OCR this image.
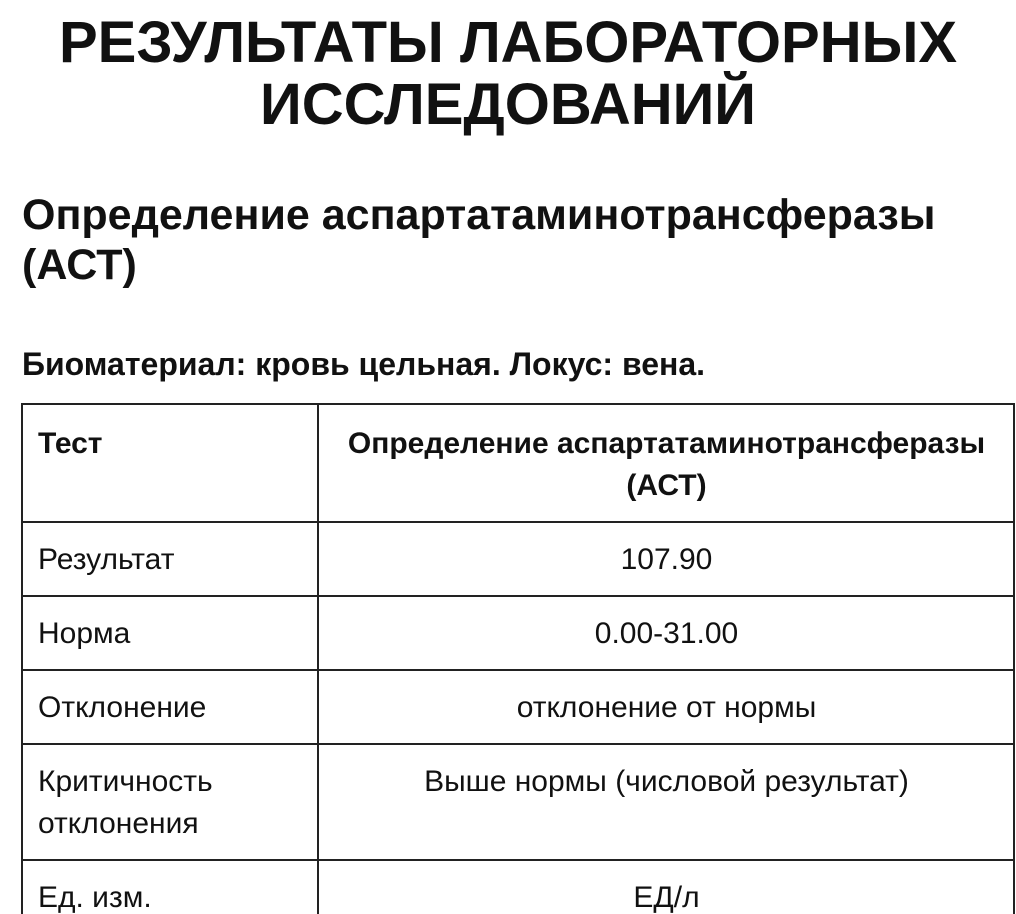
РЕЗУЛЬТАТЫ ЛАБОРАТОРНЫХ ИССЛЕДОВАНИЙ
Определение аспартатаминотрансферазы (АСТ)

Биоматериал: кровь цельная. Локус: вена.

Тест	Определение аспартатаминотрансферазы (АСТ)
Результат	107.90
Норма	0.00-31.00
Отклонение	отклонение от нормы
Критичность отклонения	Выше нормы (числовой результат)
Ед. изм.	ЕД/л
